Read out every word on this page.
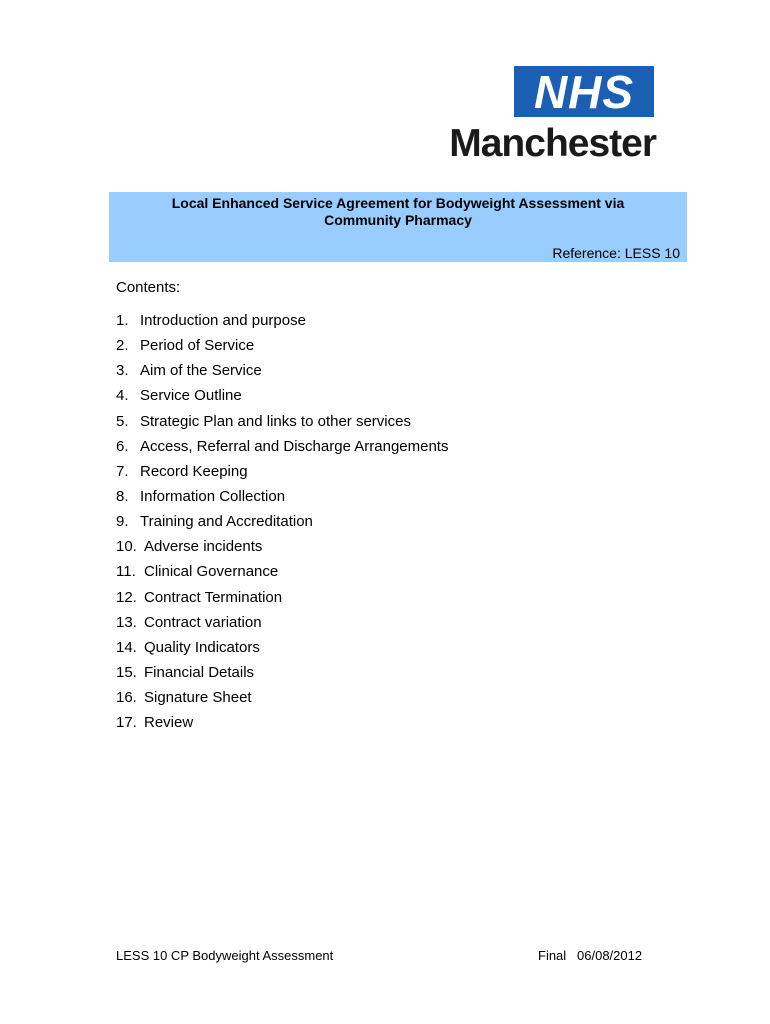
NHS
Manchester
Local Enhanced Service Agreement for Bodyweight Assessment via
Community Pharmacy
Reference: LESS 10
Contents:
1. Introduction and purpose
2. Period of Service
3. Aim of the Service
4. Service Outline
5. Strategic Plan and links to other services
6. Access, Referral and Discharge Arrangements
7. Record Keeping
8. Information Collection
9. Training and Accreditation
10. Adverse incidents
11. Clinical Governance
12. Contract Termination
13. Contract variation
14. Quality Indicators
15. Financial Details
16. Signature Sheet
17. Review
LESS 10 CP Bodyweight Assessment	Final   06/08/2012
